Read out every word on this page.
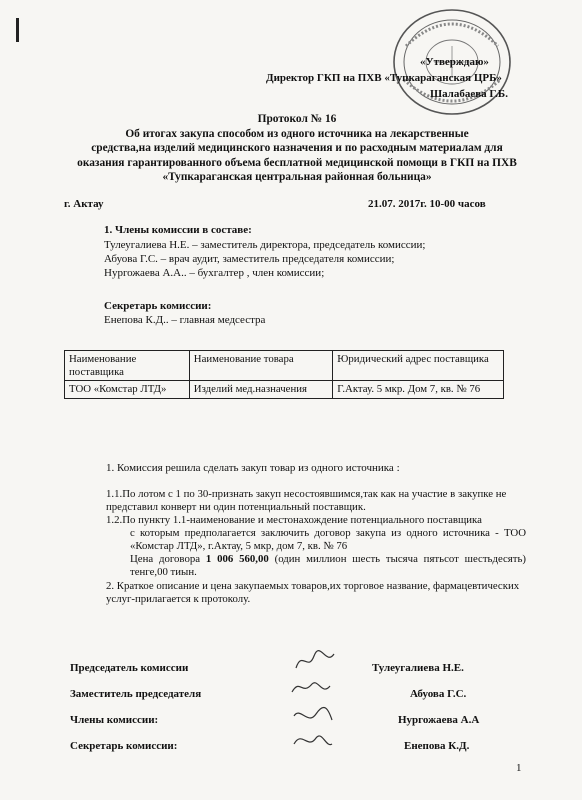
«Утверждаю»
Директор ГКП на ПХВ «Тупкараганская ЦРБ»
Шалабаева Г.Б.
Протокол № 16
Об итогах закупа способом из одного источника на лекарственные
средства,на изделий медицинского назначения и по расходным материалам для
оказания гарантированного объема бесплатной медицинской помощи в ГКП на ПХВ
«Тупкараганская центральная районная больница»
г. Актау	21.07. 2017г. 10-00 часов
1. Члены комиссии в составе:
Тулеугалиева Н.Е. – заместитель директора, председатель комиссии;
Абуова Г.С. – врач аудит, заместитель председателя комиссии;
Нургожаева А.А.. – бухгалтер , член комиссии;
Секретарь комиссии:
Енепова К.Д.. – главная медсестра
Наименование поставщика	Наименование товара	Юридический адрес поставщика
ТОО «Комстар ЛТД»	Изделий мед.назначения	Г.Актау. 5 мкр. Дом 7, кв. № 76
1. Комиссия решила сделать закуп товар из одного источника :
1.1.По лотом с 1 по 30-признать закуп несостоявшимся,так как на участие в закупке не представил конверт ни один потенциальный поставщик.
1.2.По пункту 1.1-наименование и местонахождение потенциального поставщика
с которым предполагается заключить договор закупа из одного источника - ТОО «Комстар ЛТД», г.Актау, 5 мкр, дом 7, кв. № 76
Цена договора 1 006 560,00 (один миллион шесть тысяча пятьсот шестьдесять) тенге,00 тиын.
2. Краткое описание и цена закупаемых товаров,их торговое название, фармацевтических услуг-прилагается к протоколу.
Председатель комиссии	Тулеугалиева Н.Е.
Заместитель председателя	Абуова Г.С.
Члены комиссии:	Нургожаева А.А
Секретарь комиссии:	Енепова К.Д.
1
